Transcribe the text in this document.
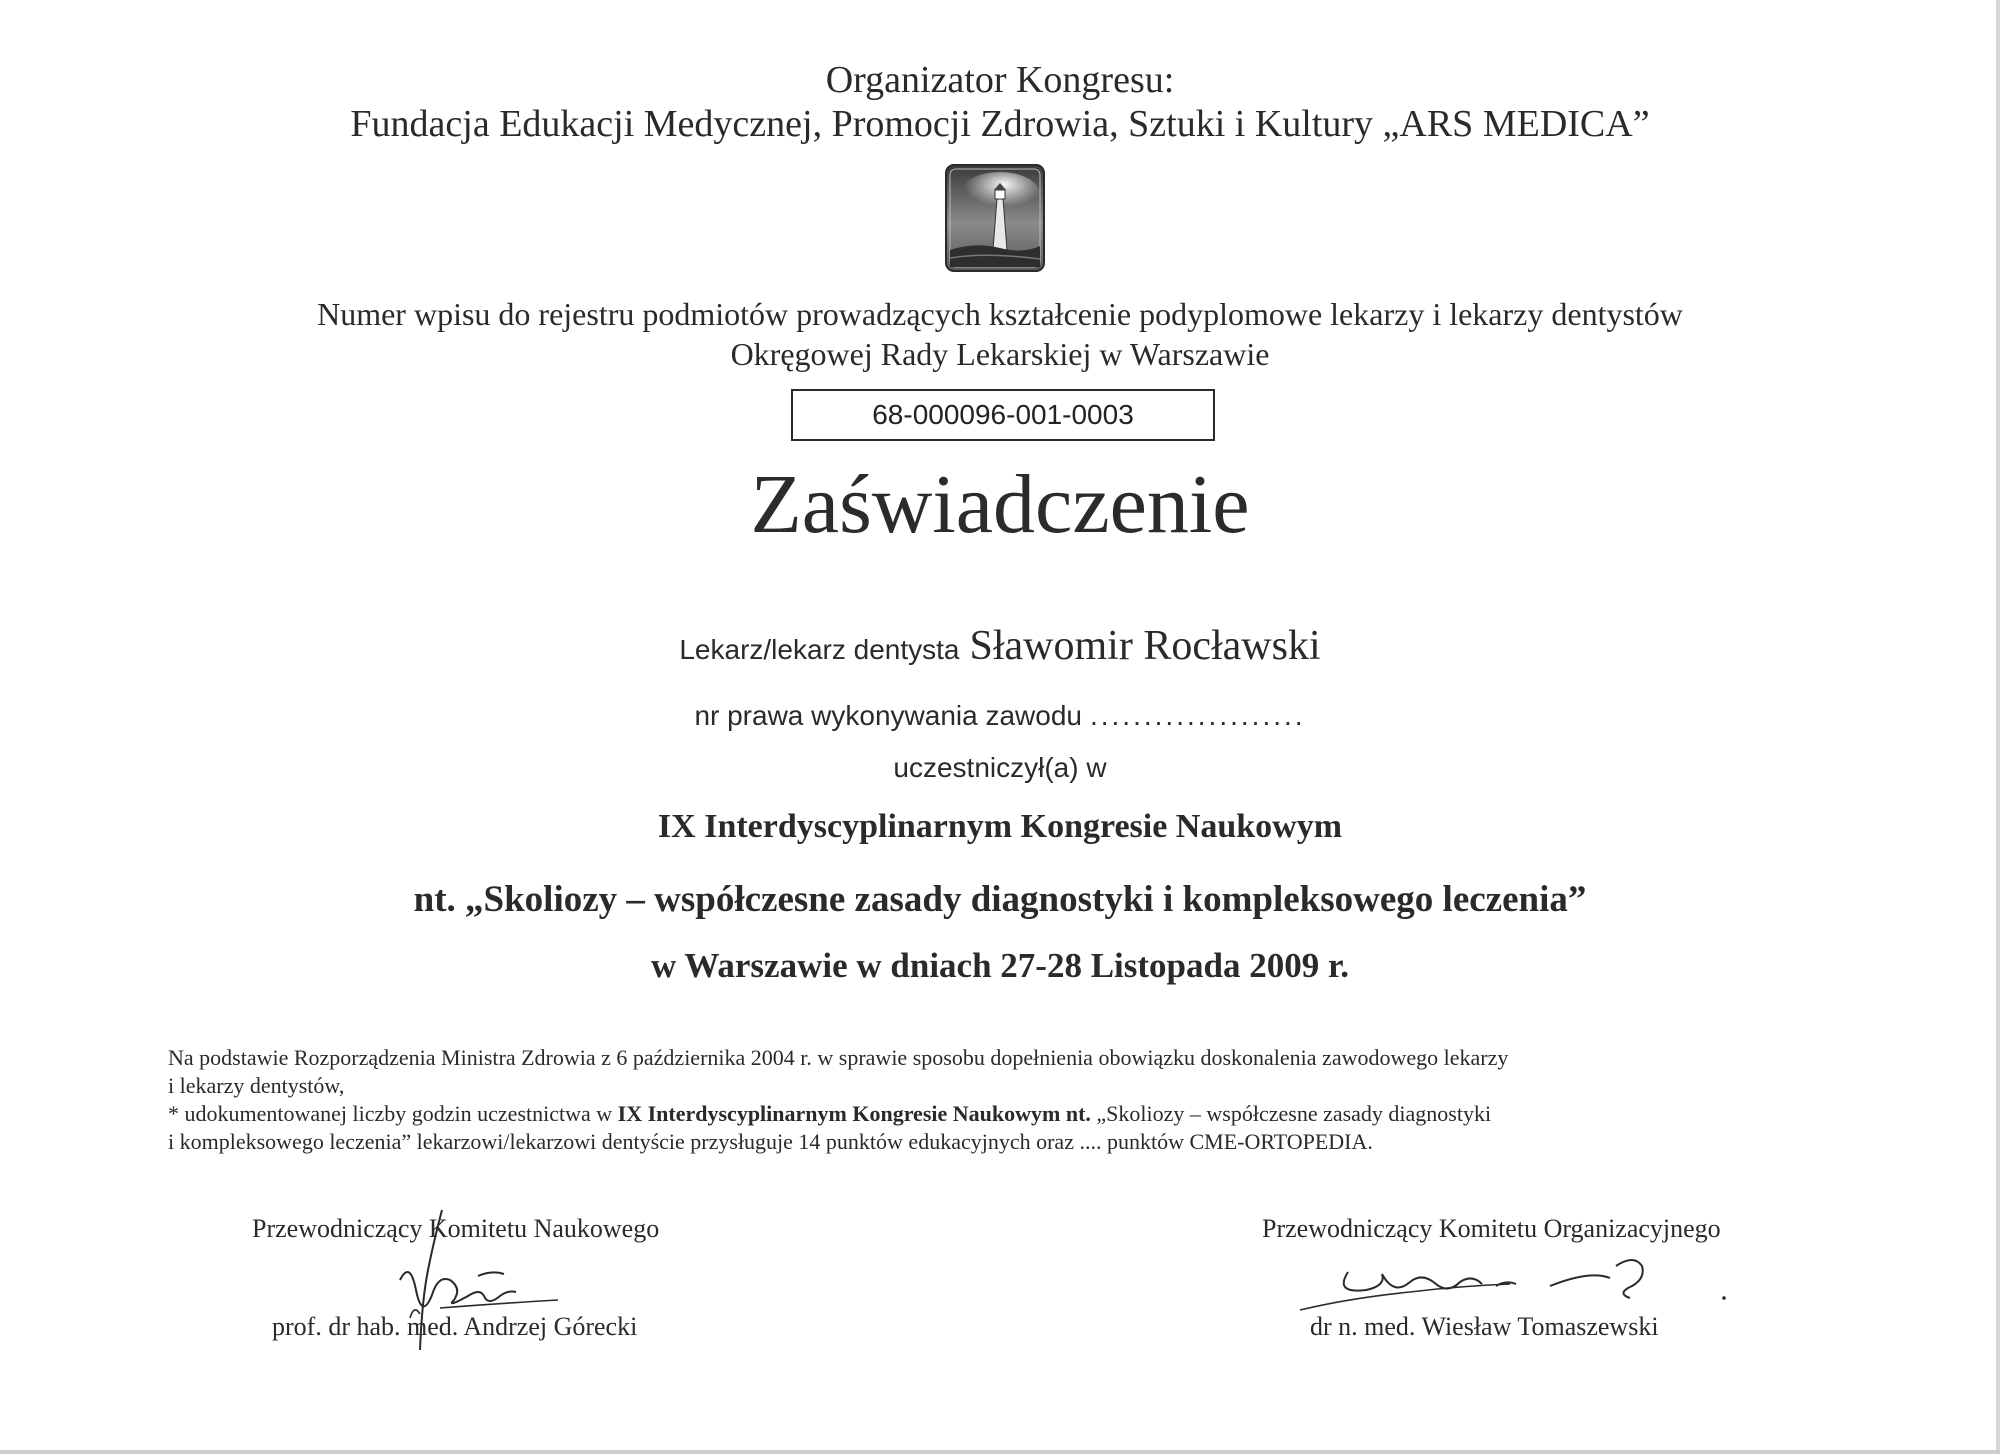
Organizator Kongresu:
Fundacja Edukacji Medycznej, Promocji Zdrowia, Sztuki i Kultury „ARS MEDICA”
Numer wpisu do rejestru podmiotów prowadzących kształcenie podyplomowe lekarzy i lekarzy dentystów
Okręgowej Rady Lekarskiej w Warszawie
68-000096-001-0003
Zaświadczenie
Lekarz/lekarz dentysta Sławomir Rocławski
nr prawa wykonywania zawodu ....................
uczestniczył(a) w
IX Interdyscyplinarnym Kongresie Naukowym
nt. „Skoliozy – współczesne zasady diagnostyki i kompleksowego leczenia”
w Warszawie w dniach 27-28 Listopada 2009 r.
Na podstawie Rozporządzenia Ministra Zdrowia z 6 października 2004 r. w sprawie sposobu dopełnienia obowiązku doskonalenia zawodowego lekarzy
i lekarzy dentystów,
* udokumentowanej liczby godzin uczestnictwa w IX Interdyscyplinarnym Kongresie Naukowym nt. „Skoliozy – współczesne zasady diagnostyki
i kompleksowego leczenia” lekarzowi/lekarzowi dentyście przysługuje 14 punktów edukacyjnych oraz .... punktów CME-ORTOPEDIA.
Przewodniczący Komitetu Naukowego
prof. dr hab. med. Andrzej Górecki
Przewodniczący Komitetu Organizacyjnego
dr n. med. Wiesław Tomaszewski
